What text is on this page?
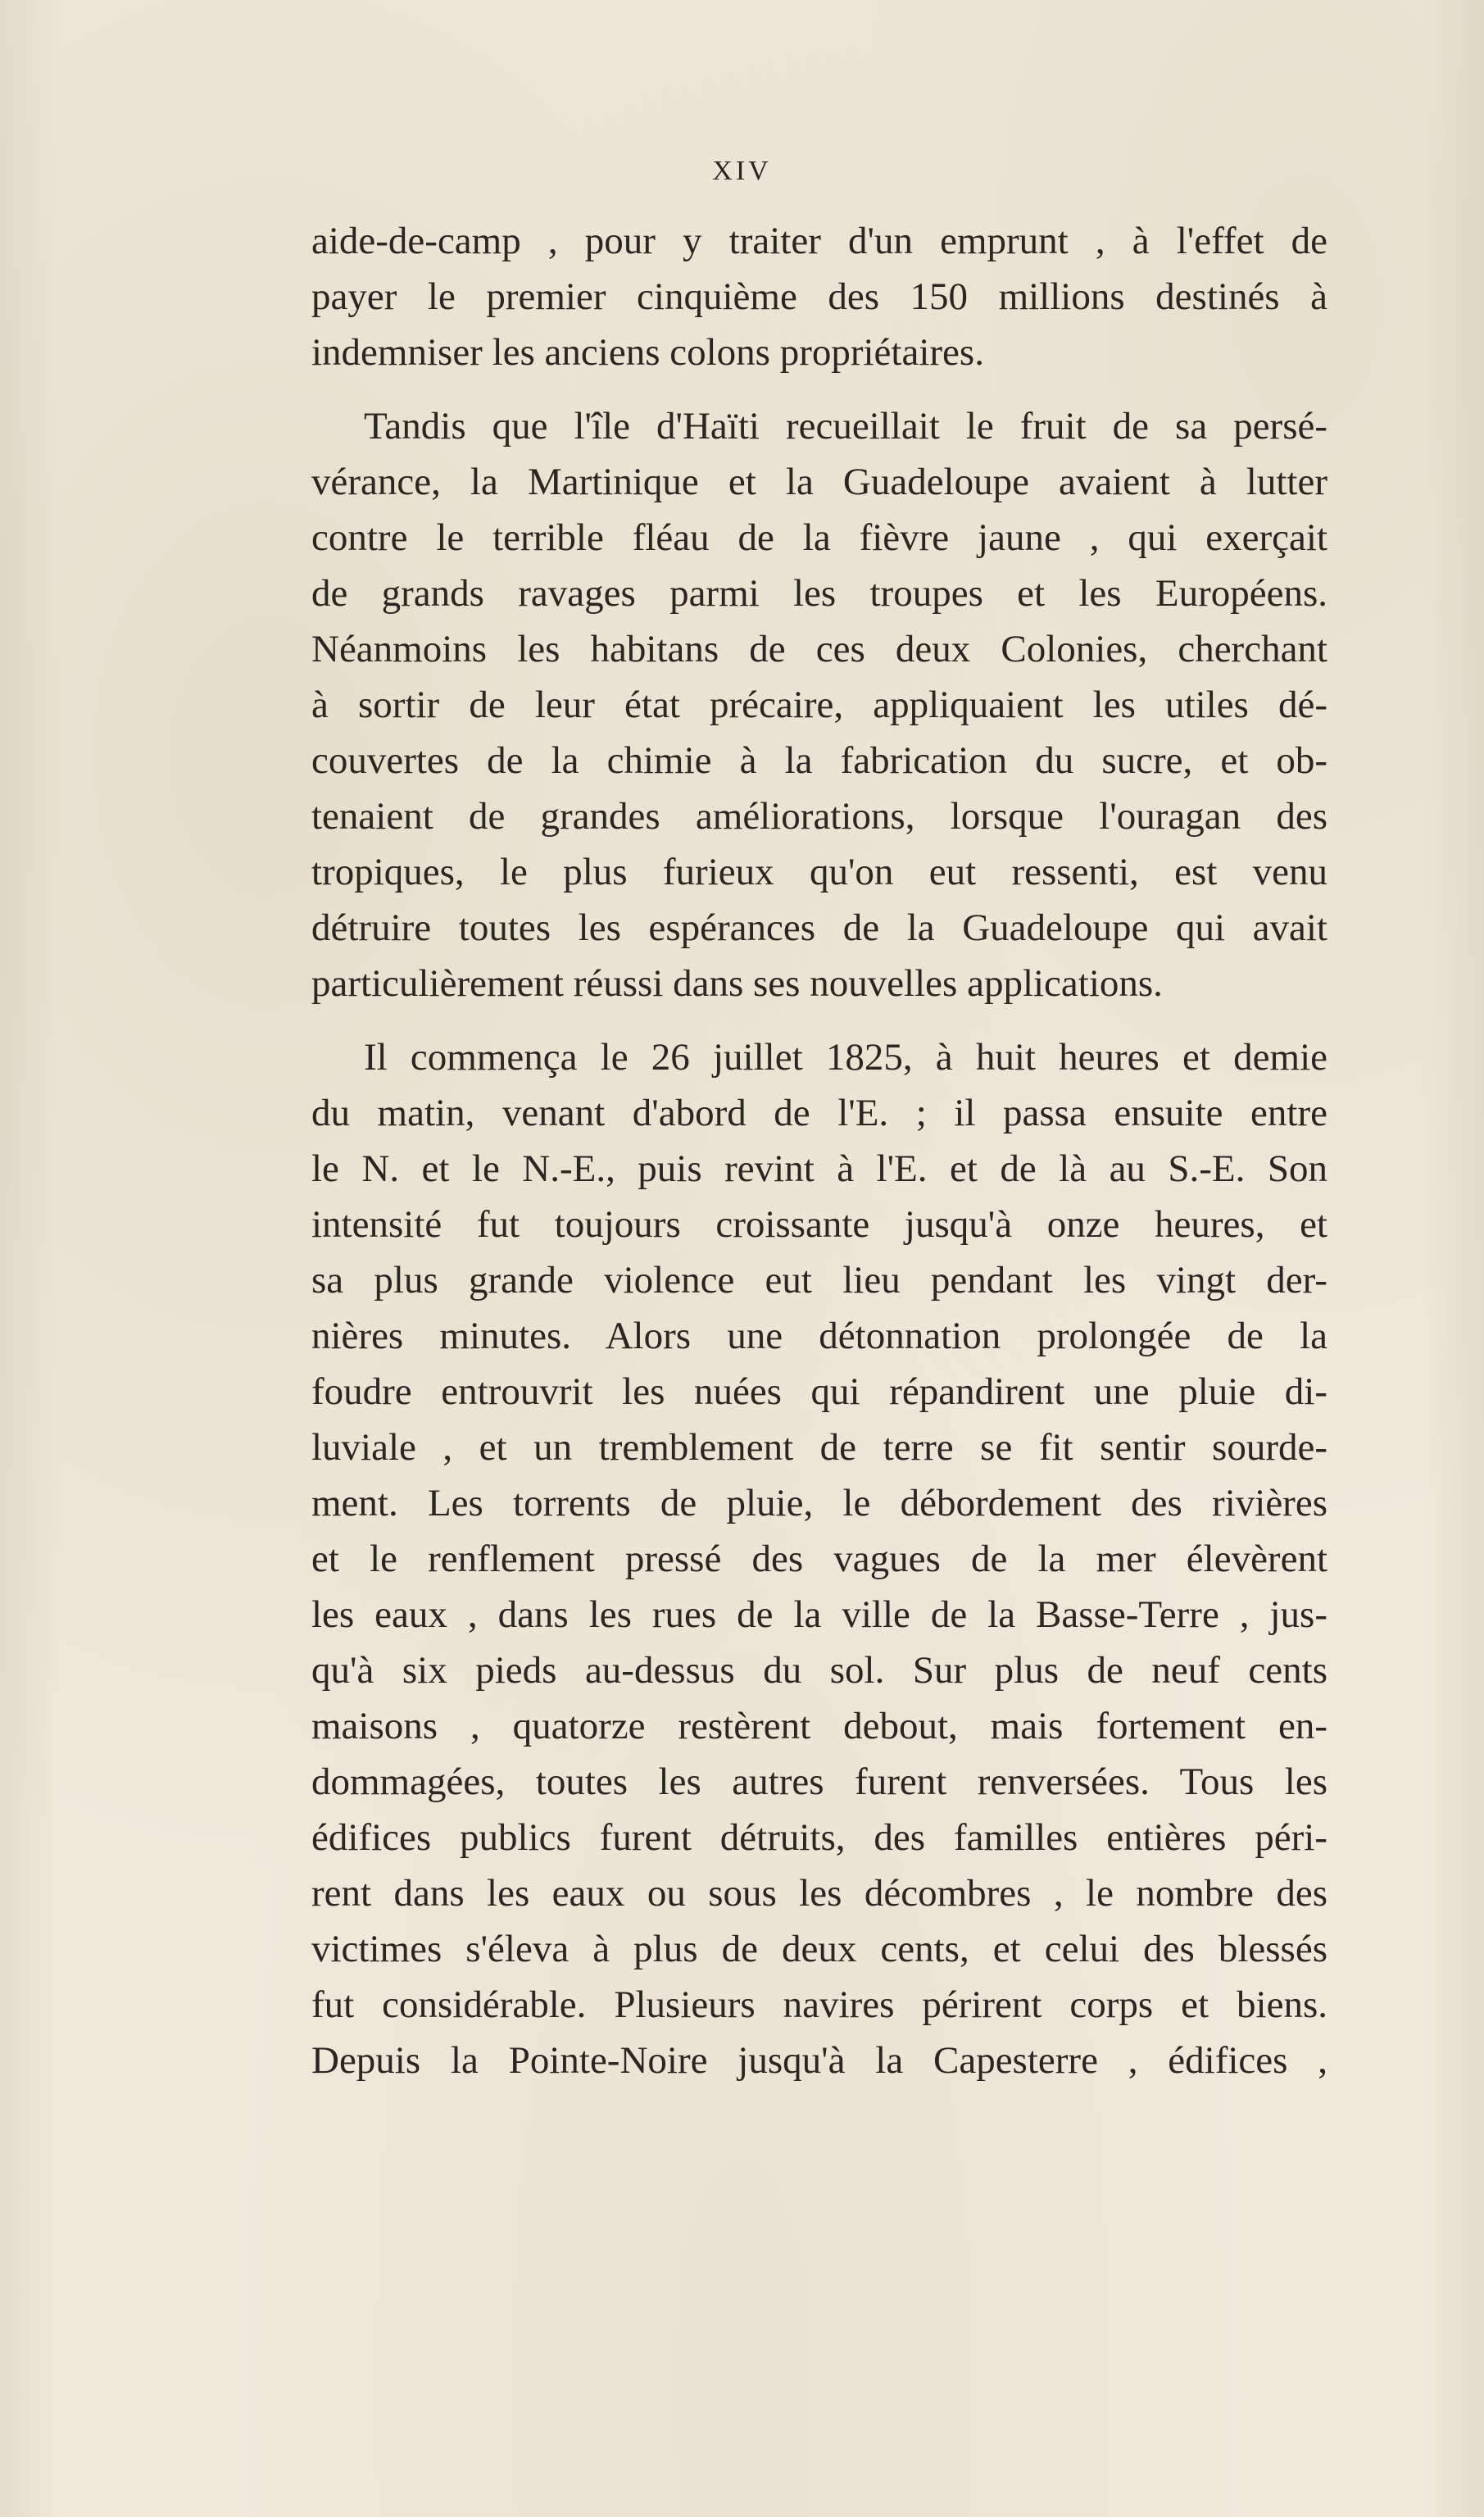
XIV
aide-de-camp , pour y traiter d'un emprunt , à l'effet de
payer le premier cinquième des 150 millions destinés à
indemniser les anciens colons propriétaires.
Tandis que l'île d'Haïti recueillait le fruit de sa persé-
vérance, la Martinique et la Guadeloupe avaient à lutter
contre le terrible fléau de la fièvre jaune , qui exerçait
de grands ravages parmi les troupes et les Européens.
Néanmoins les habitans de ces deux Colonies, cherchant
à sortir de leur état précaire, appliquaient les utiles dé-
couvertes de la chimie à la fabrication du sucre, et ob-
tenaient de grandes améliorations, lorsque l'ouragan des
tropiques, le plus furieux qu'on eut ressenti, est venu
détruire toutes les espérances de la Guadeloupe qui avait
particulièrement réussi dans ses nouvelles applications.
Il commença le 26 juillet 1825, à huit heures et demie
du matin, venant d'abord de l'E. ; il passa ensuite entre
le N. et le N.-E., puis revint à l'E. et de là au S.-E. Son
intensité fut toujours croissante jusqu'à onze heures, et
sa plus grande violence eut lieu pendant les vingt der-
nières minutes. Alors une détonnation prolongée de la
foudre entrouvrit les nuées qui répandirent une pluie di-
luviale , et un tremblement de terre se fit sentir sourde-
ment. Les torrents de pluie, le débordement des rivières
et le renflement pressé des vagues de la mer élevèrent
les eaux , dans les rues de la ville de la Basse-Terre , jus-
qu'à six pieds au-dessus du sol. Sur plus de neuf cents
maisons , quatorze restèrent debout, mais fortement en-
dommagées, toutes les autres furent renversées. Tous les
édifices publics furent détruits, des familles entières péri-
rent dans les eaux ou sous les décombres , le nombre des
victimes s'éleva à plus de deux cents, et celui des blessés
fut considérable. Plusieurs navires périrent corps et biens.
Depuis la Pointe-Noire jusqu'à la Capesterre , édifices ,
